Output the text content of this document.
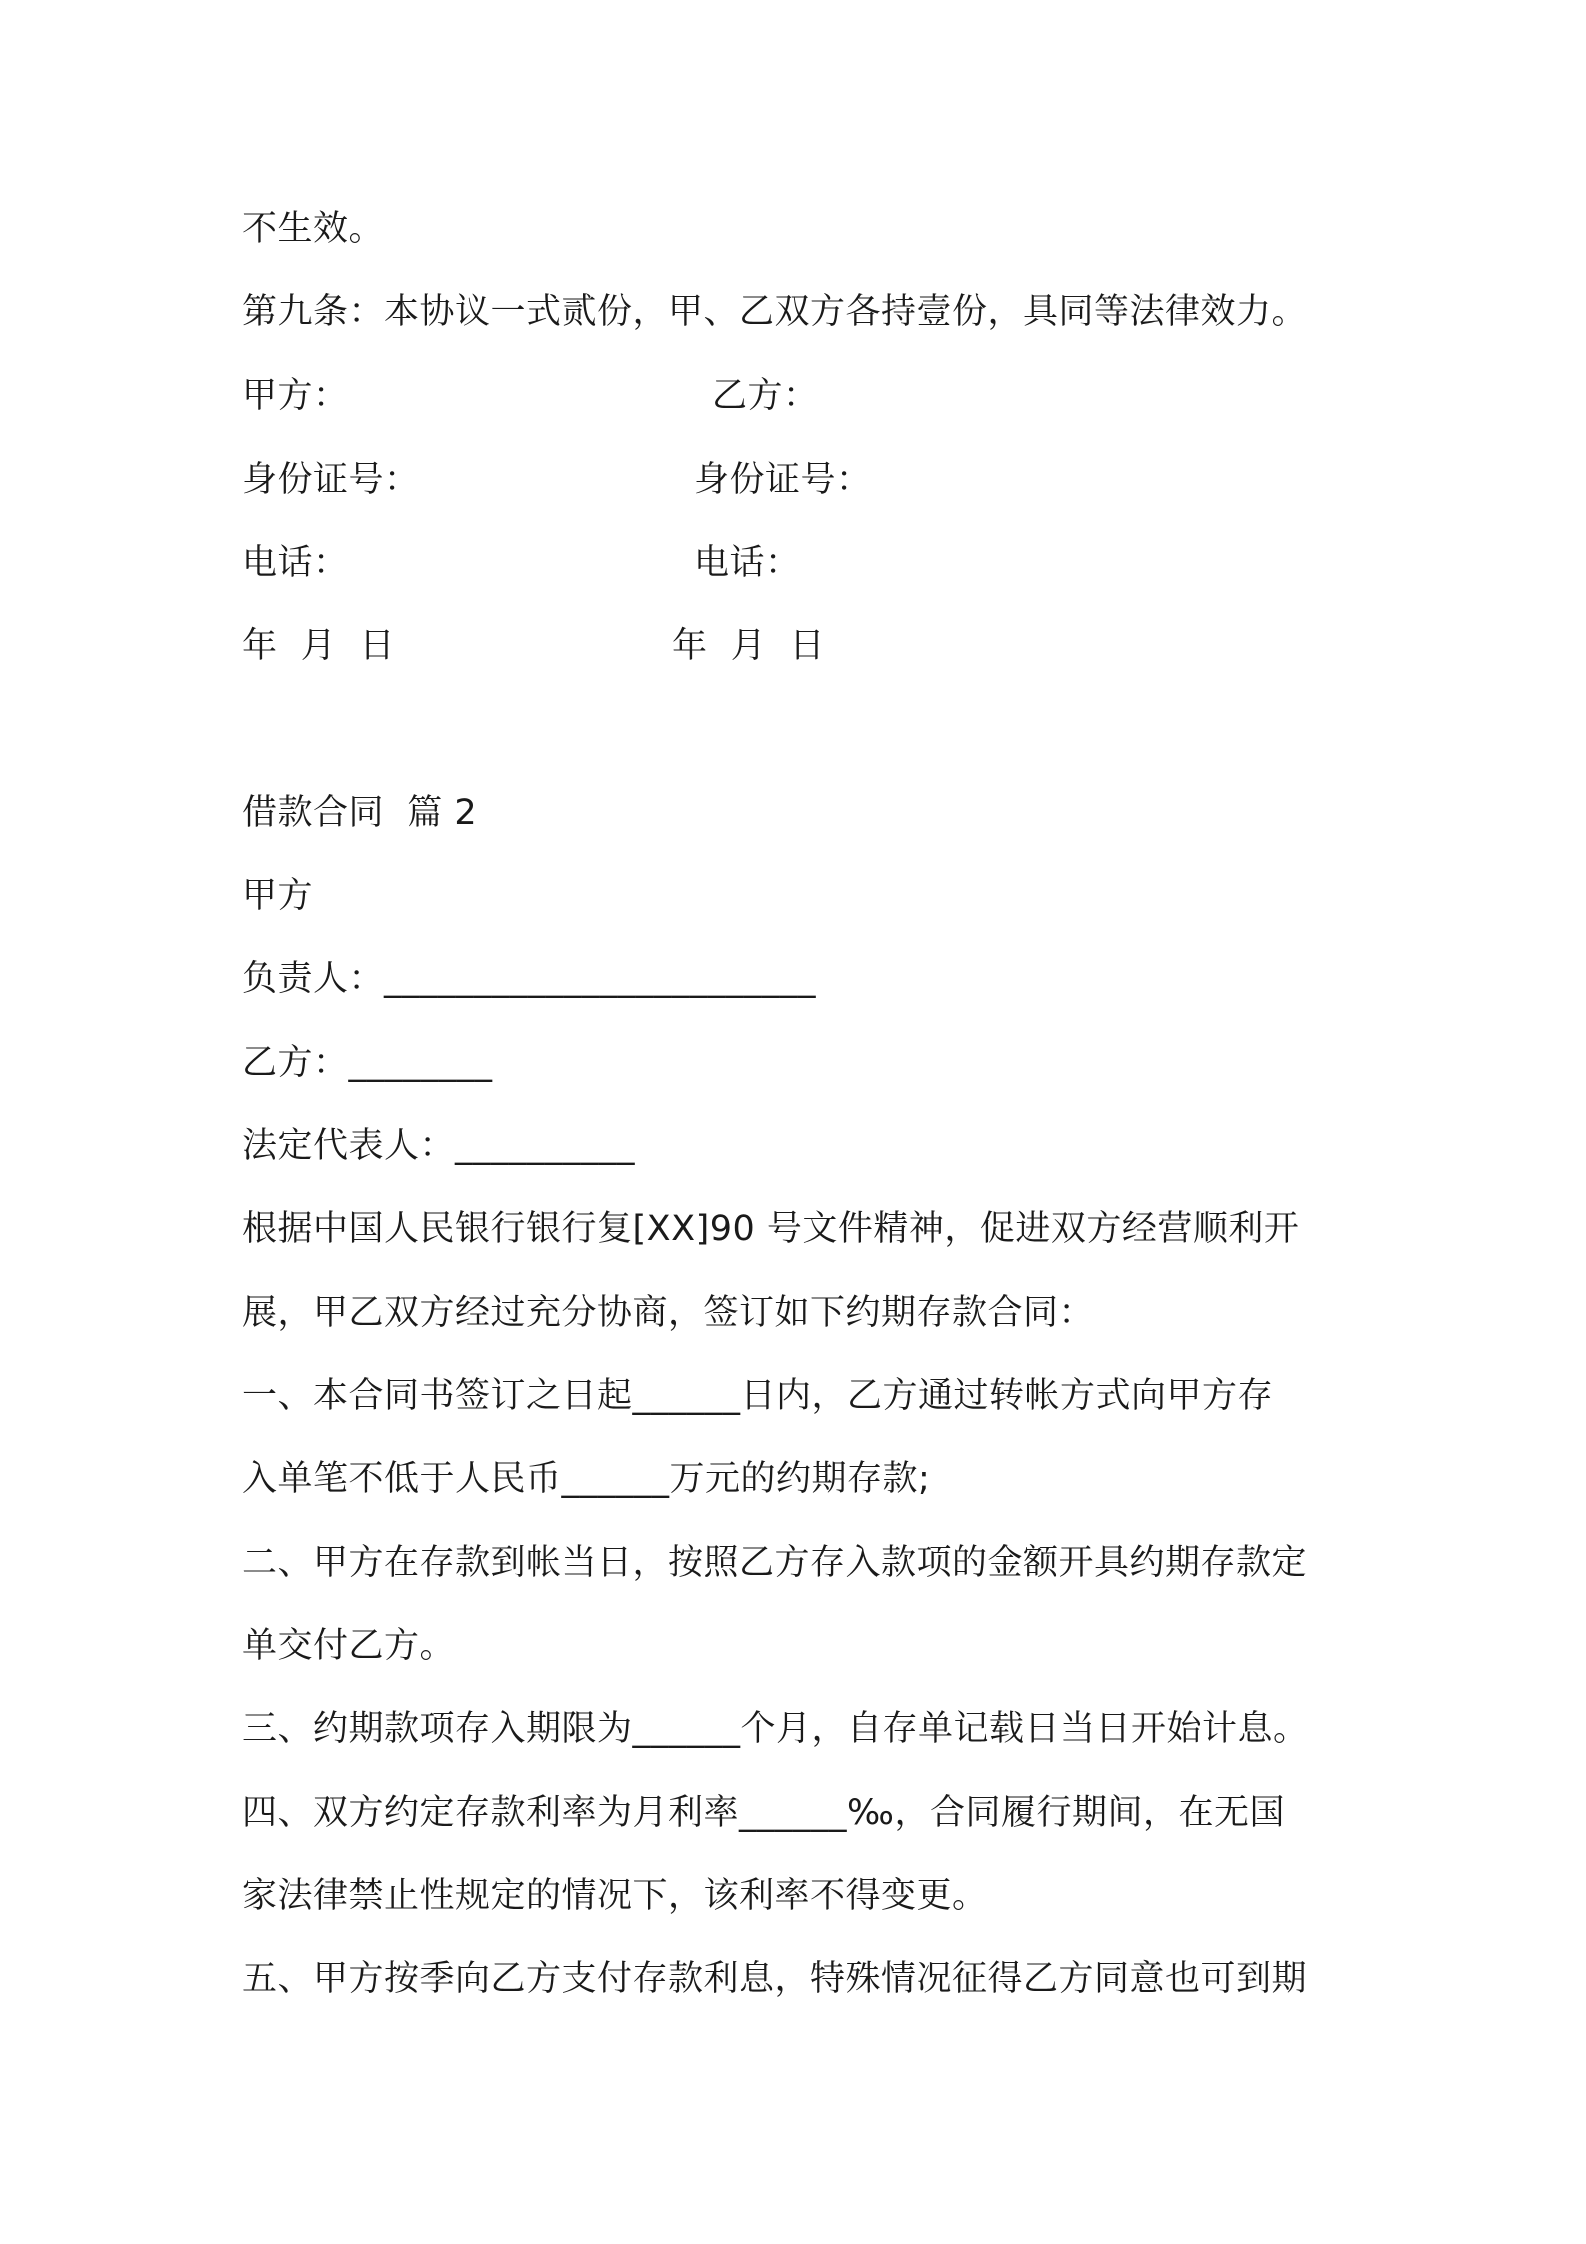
不生效。
第九条：本协议一式贰份，甲、乙双方各持壹份，具同等法律效力。
甲方：	乙方：
身份证号：	身份证号：
电话：	电话：
年  月  日	年  月  日
借款合同  篇 2
甲方
负责人：________________________
乙方：________
法定代表人：__________
根据中国人民银行银行复[XX]90 号文件精神，促进双方经营顺利开
展，甲乙双方经过充分协商，签订如下约期存款合同：
一、本合同书签订之日起______日内，乙方通过转帐方式向甲方存
入单笔不低于人民币______万元的约期存款;
二、甲方在存款到帐当日，按照乙方存入款项的金额开具约期存款定
单交付乙方。
三、约期款项存入期限为______个月，自存单记载日当日开始计息。
四、双方约定存款利率为月利率______‰，合同履行期间，在无国
家法律禁止性规定的情况下，该利率不得变更。
五、甲方按季向乙方支付存款利息，特殊情况征得乙方同意也可到期
